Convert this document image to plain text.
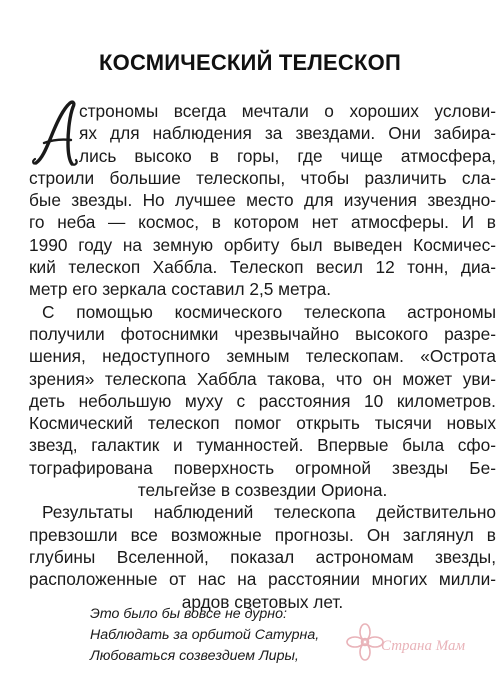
КОСМИЧЕСКИЙ ТЕЛЕСКОП
строномы всегда мечтали о хороших услови-
ях для наблюдения за звездами. Они забира-
лись высоко в горы, где чище атмосфера,
строили большие телескопы, чтобы различить сла-
бые звезды. Но лучшее место для изучения звездно-
го неба — космос, в котором нет атмосферы. И в
1990 году на земную орбиту был выведен Космичес-
кий телескоп Хаббла. Телескоп весил 12 тонн, диа-
метр его зеркала составил 2,5 метра.
С помощью космического телескопа астрономы
получили фотоснимки чрезвычайно высокого разре-
шения, недоступного земным телескопам. «Острота
зрения» телескопа Хаббла такова, что он может уви-
деть небольшую муху с расстояния 10 километров.
Космический телескоп помог открыть тысячи новых
звезд, галактик и туманностей. Впервые была сфо-
тографирована поверхность огромной звезды Бе-
тельгейзе в созвездии Ориона.
Результаты наблюдений телескопа действительно
превзошли все возможные прогнозы. Он заглянул в
глубины Вселенной, показал астрономам звезды,
расположенные от нас на расстоянии многих милли-
ардов световых лет.
Это было бы вовсе не дурно:
Наблюдать за орбитой Сатурна,
Любоваться созвездием Лиры,
Страна Мам
